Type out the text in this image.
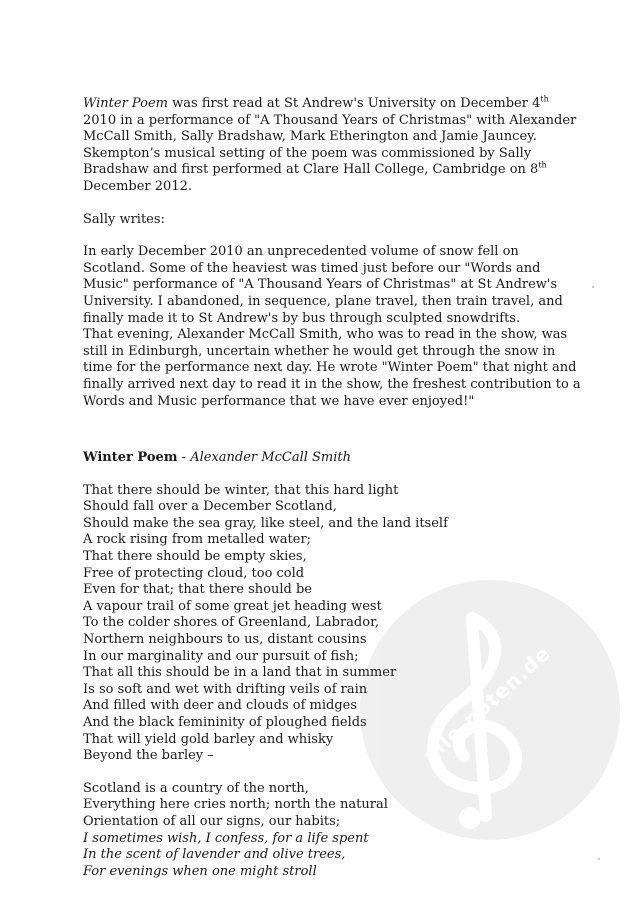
alle-noten.de

Winter Poem was first read at St Andrew's University on December 4th 2010 in a performance of "A Thousand Years of Christmas" with Alexander McCall Smith, Sally Bradshaw, Mark Etherington and Jamie Jauncey. Skempton’s musical setting of the poem was commissioned by Sally Bradshaw and first performed at Clare Hall College, Cambridge on 8th December 2012.

Sally writes:

In early December 2010 an unprecedented volume of snow fell on Scotland. Some of the heaviest was timed just before our "Words and Music" performance of "A Thousand Years of Christmas" at St Andrew's University. I abandoned, in sequence, plane travel, then train travel, and finally made it to St Andrew's by bus through sculpted snowdrifts.

That evening, Alexander McCall Smith, who was to read in the show, was still in Edinburgh, uncertain whether he would get through the snow in time for the performance next day. He wrote "Winter Poem" that night and finally arrived next day to read it in the show, the freshest contribution to a Words and Music performance that we have ever enjoyed!"

Winter Poem - Alexander McCall Smith

That there should be winter, that this hard light
Should fall over a December Scotland,
Should make the sea gray, like steel, and the land itself
A rock rising from metalled water;
That there should be empty skies,
Free of protecting cloud, too cold
Even for that; that there should be
A vapour trail of some great jet heading west
To the colder shores of Greenland, Labrador,
Northern neighbours to us, distant cousins
In our marginality and our pursuit of fish;
That all this should be in a land that in summer
Is so soft and wet with drifting veils of rain
And filled with deer and clouds of midges
And the black femininity of ploughed fields
That will yield gold barley and whisky
Beyond the barley –
Scotland is a country of the north,
Everything here cries north; north the natural
Orientation of all our signs, our habits;
I sometimes wish, I confess, for a life spent
In the scent of lavender and olive trees,
For evenings when one might stroll
